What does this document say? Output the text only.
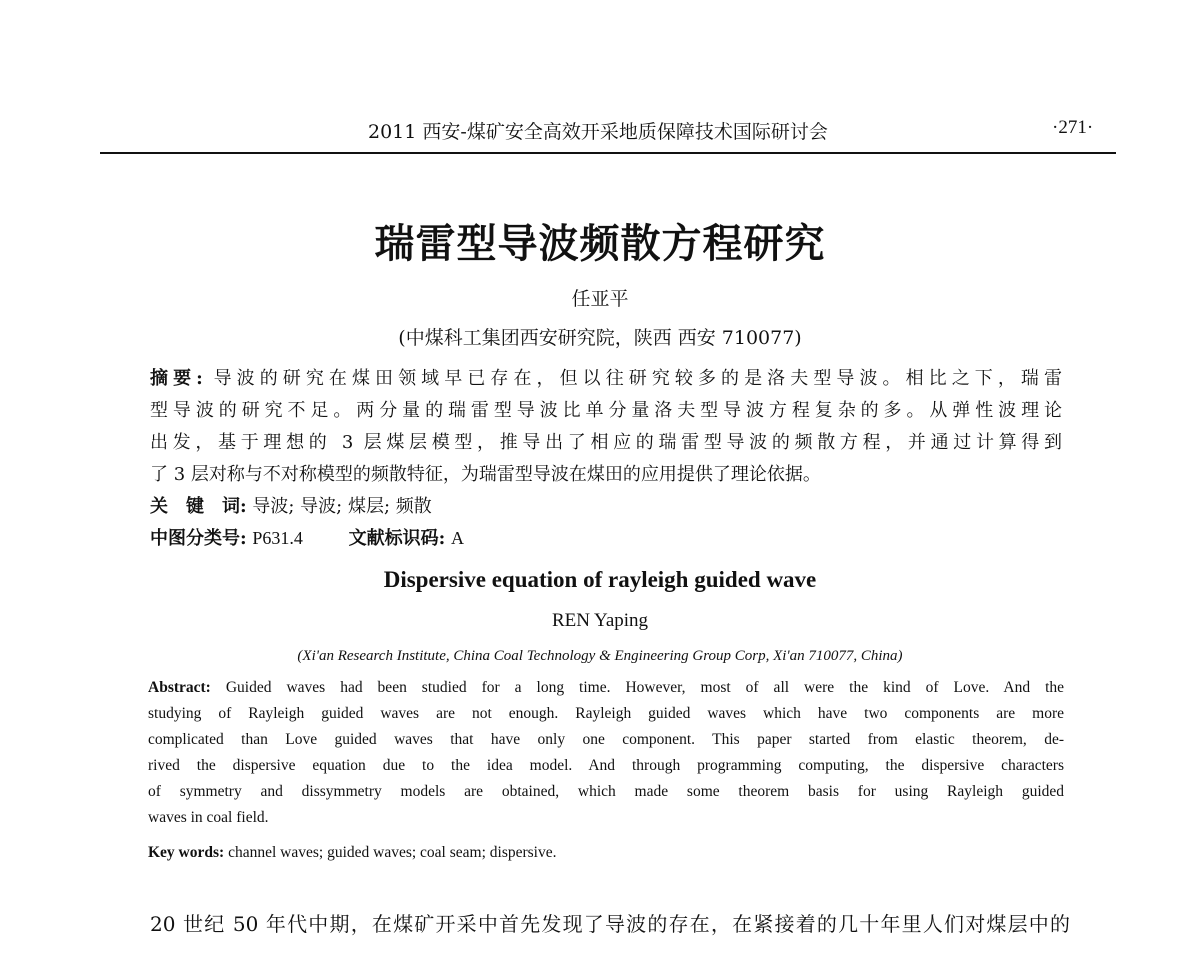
2011 西安-煤矿安全高效开采地质保障技术国际研讨会	·271·
瑞雷型导波频散方程研究
任亚平
(中煤科工集团西安研究院，陕西 西安 710077)
摘要: 导波的研究在煤田领域早已存在，但以往研究较多的是洛夫型导波。相比之下，瑞雷
型导波的研究不足。两分量的瑞雷型导波比单分量洛夫型导波方程复杂的多。从弹性波理论
出发，基于理想的 3 层煤层模型，推导出了相应的瑞雷型导波的频散方程，并通过计算得到
了 3 层对称与不对称模型的频散特征，为瑞雷型导波在煤田的应用提供了理论依据。
关　键　词: 导波; 导波; 煤层; 频散
中图分类号: P631.4	文献标识码: A
Dispersive equation of rayleigh guided wave
REN Yaping
(Xi'an Research Institute, China Coal Technology & Engineering Group Corp, Xi'an 710077, China)
Abstract: Guided waves had been studied for a long time. However, most of all were the kind of Love. And the
studying of Rayleigh guided waves are not enough. Rayleigh guided waves which have two components are more
complicated than Love guided waves that have only one component. This paper started from elastic theorem, de-
rived the dispersive equation due to the idea model. And through programming computing, the dispersive characters
of symmetry and dissymmetry models are obtained, which made some theorem basis for using Rayleigh guided
waves in coal field.
Key words: channel waves; guided waves; coal seam; dispersive.
20 世纪 50 年代中期，在煤矿开采中首先发现了导波的存在，在紧接着的几十年里人们对煤层中的
